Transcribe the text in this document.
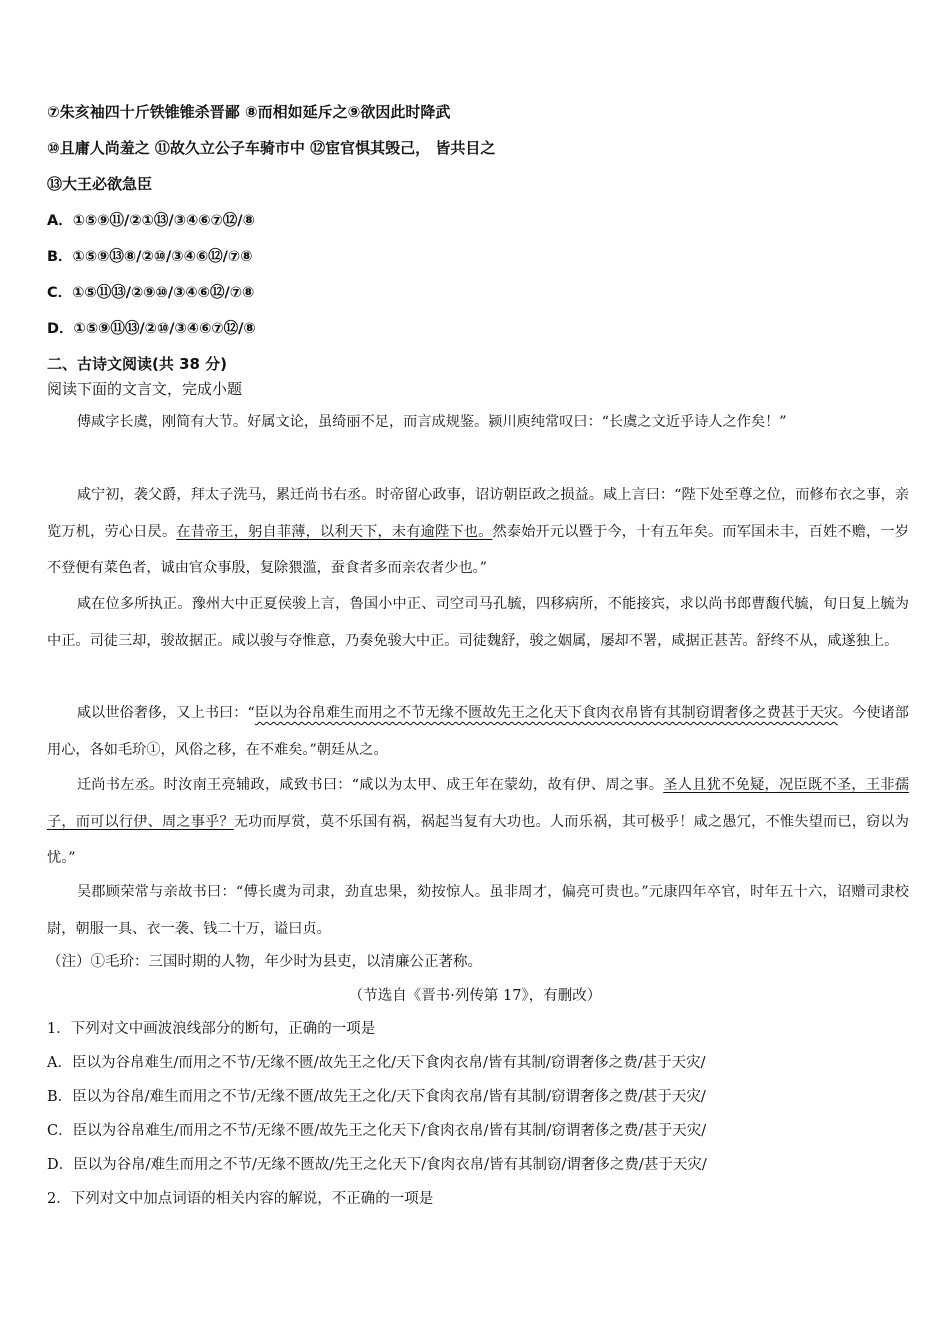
⑦朱亥袖四十斤铁锥锥杀晋鄙 ⑧而相如延斥之⑨欲因此时降武
⑩且庸人尚羞之 ⑪故久立公子车骑市中 ⑫宦官惧其毁己， 皆共目之
⑬大王必欲急臣
A．①⑤⑨⑪/②①⑬/③④⑥⑦⑫/⑧
B．①⑤⑨⑬⑧/②⑩/③④⑥⑫/⑦⑧
C．①⑤⑪⑬/②⑨⑩/③④⑥⑫/⑦⑧
D．①⑤⑨⑪⑬/②⑩/③④⑥⑦⑫/⑧
二、古诗文阅读(共 38 分)
阅读下面的文言文，完成小题
傅咸字长虞，刚简有大节。好属文论，虽绮丽不足，而言成规鉴。颍川庾纯常叹曰：“长虞之文近乎诗人之作矣！”
咸宁初，袭父爵，拜太子洗马，累迁尚书右丞。时帝留心政事，诏访朝臣政之损益。咸上言曰：“陛下处至尊之位，而修布衣之事，亲览万机，劳心日昃。在昔帝王，躬自菲薄，以利天下，未有逾陛下也。然泰始开元以暨于今，十有五年矣。而军国未丰，百姓不赡，一岁不登便有菜色者，诚由官众事殷，复除猥滥，蚕食者多而亲农者少也。”
咸在位多所执正。豫州大中正夏侯骏上言，鲁国小中正、司空司马孔毓，四移病所，不能接宾，求以尚书郎曹馥代毓，旬日复上毓为中正。司徒三却，骏故据正。咸以骏与夺惟意，乃奏免骏大中正。司徒魏舒，骏之姻属，屡却不署，咸据正甚苦。舒终不从，咸遂独上。
咸以世俗奢侈，又上书曰：“臣以为谷帛难生而用之不节无缘不匮故先王之化天下食肉衣帛皆有其制窃谓奢侈之费甚于天灾。今使诸部用心，各如毛玠①，风俗之移，在不难矣。”朝廷从之。
迁尚书左丞。时汝南王亮辅政，咸致书曰：“咸以为太甲、成王年在蒙幼，故有伊、周之事。圣人且犹不免疑，况臣既不圣，王非孺子，而可以行伊、周之事乎？无功而厚赏，莫不乐国有祸，祸起当复有大功也。人而乐祸，其可极乎！咸之愚冗，不惟失望而已，窃以为忧。”
吴郡顾荣常与亲故书曰：“傅长虞为司隶，劲直忠果，劾按惊人。虽非周才，偏亮可贵也。”元康四年卒官，时年五十六，诏赠司隶校尉，朝服一具、衣一袭、钱二十万，谥曰贞。
（注）①毛玠：三国时期的人物，年少时为县吏，以清廉公正著称。
（节选自《晋书·列传第 17》，有删改）
1．下列对文中画波浪线部分的断句，正确的一项是
A．臣以为谷帛难生/而用之不节/无缘不匮/故先王之化/天下食肉衣帛/皆有其制/窃谓奢侈之费/甚于天灾/
B．臣以为谷帛/难生而用之不节/无缘不匮/故先王之化/天下食肉衣帛/皆有其制/窃谓奢侈之费/甚于天灾/
C．臣以为谷帛难生/而用之不节/无缘不匮/故先王之化天下/食肉衣帛/皆有其制/窃谓奢侈之费/甚于天灾/
D．臣以为谷帛/难生而用之不节/无缘不匮故/先王之化天下/食肉衣帛/皆有其制窃/谓奢侈之费/甚于天灾/
2．下列对文中加点词语的相关内容的解说，不正确的一项是
